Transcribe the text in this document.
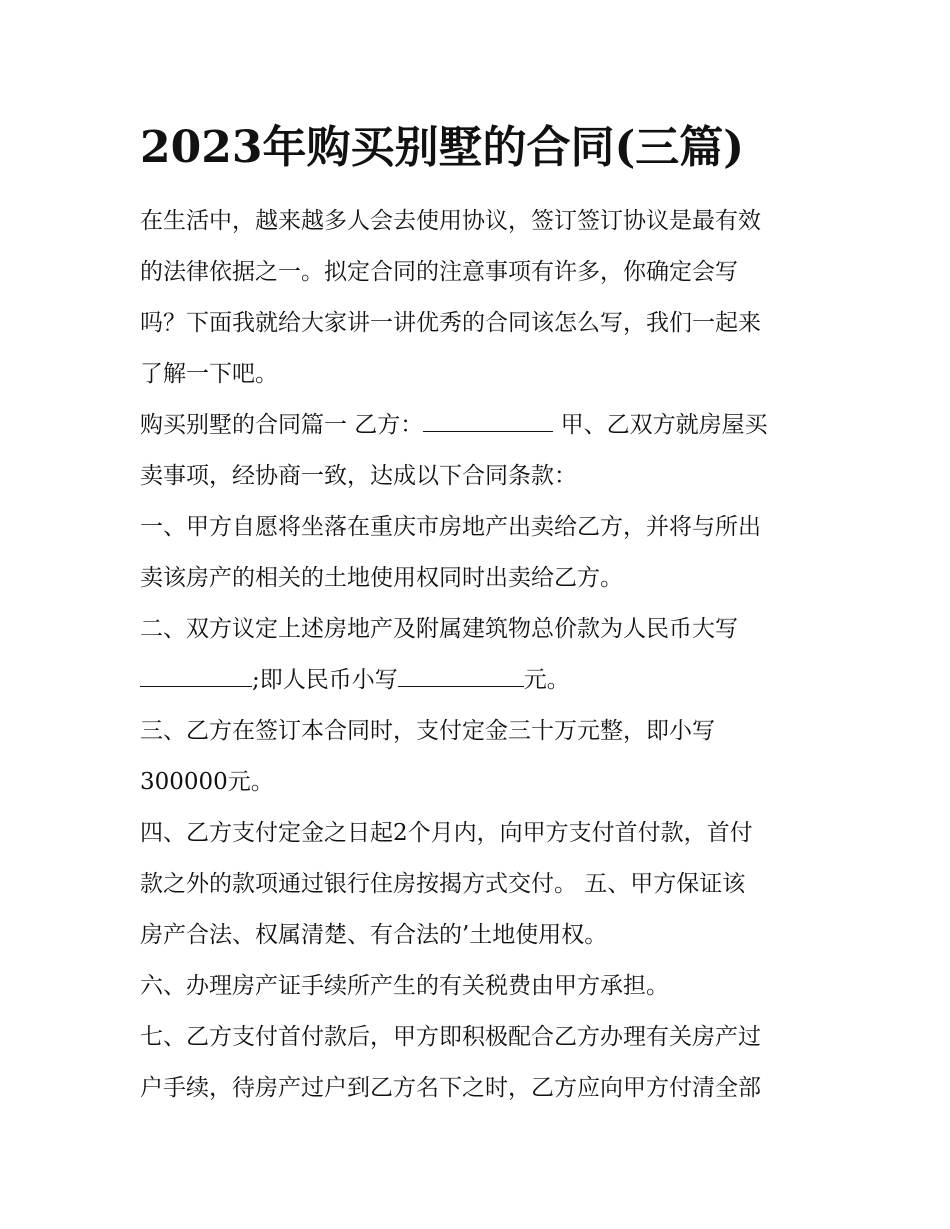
2023年购买别墅的合同(三篇)
在生活中，越来越多人会去使用协议，签订签订协议是最有效
的法律依据之一。拟定合同的注意事项有许多，你确定会写
吗？下面我就给大家讲一讲优秀的合同该怎么写，我们一起来
了解一下吧。
购买别墅的合同篇一 乙方：	甲、乙双方就房屋买
卖事项，经协商一致，达成以下合同条款：
一、甲方自愿将坐落在重庆市房地产出卖给乙方，并将与所出
卖该房产的相关的土地使用权同时出卖给乙方。
二、双方议定上述房地产及附属建筑物总价款为人民币大写
;即人民币小写	元。
三、乙方在签订本合同时，支付定金三十万元整，即小写
300000元。
四、乙方支付定金之日起2个月内，向甲方支付首付款，首付
款之外的款项通过银行住房按揭方式交付。 五、甲方保证该
房产合法、权属清楚、有合法的’土地使用权。
六、办理房产证手续所产生的有关税费由甲方承担。
七、乙方支付首付款后，甲方即积极配合乙方办理有关房产过
户手续，待房产过户到乙方名下之时，乙方应向甲方付清全部
